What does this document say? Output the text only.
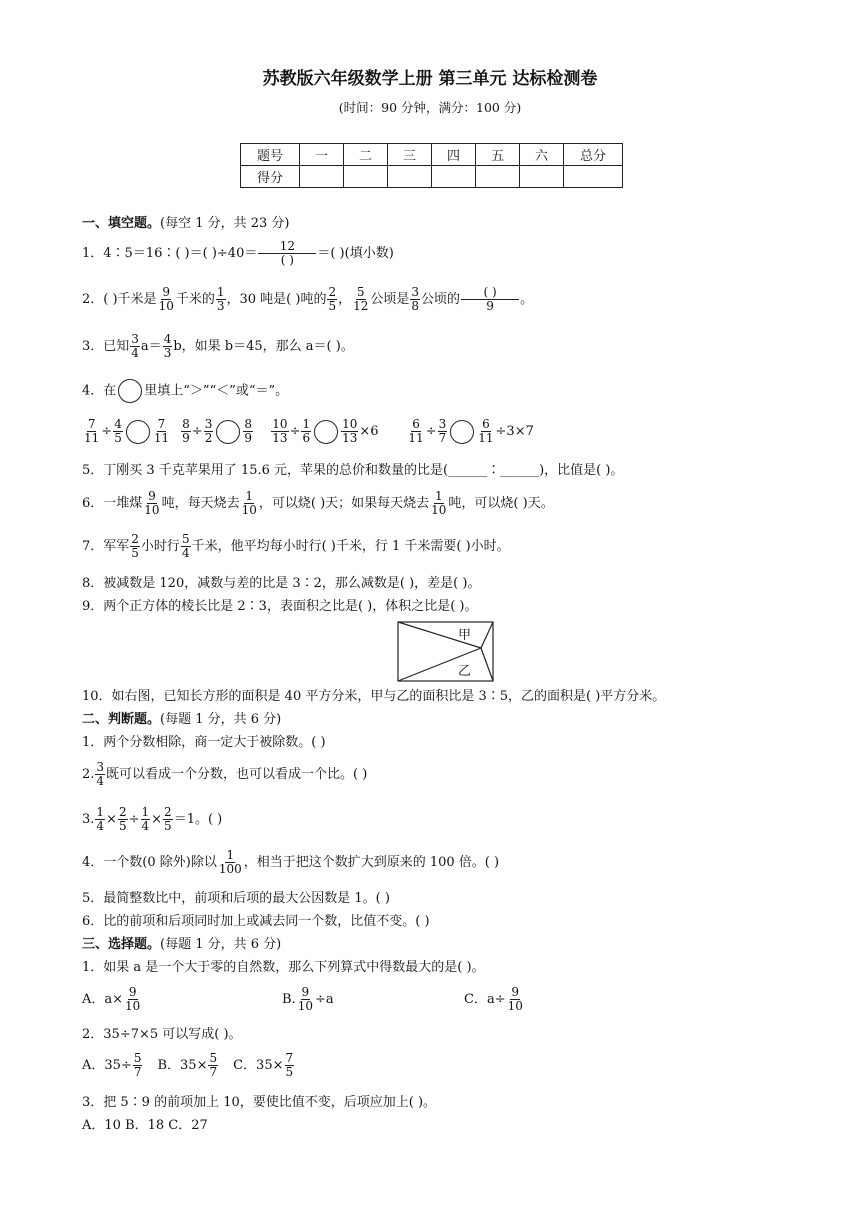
苏教版六年级数学上册 第三单元 达标检测卷
(时间：90 分钟，满分：100 分)
题号	一	二	三	四	五	六	总分
得分							
一、填空题。(每空 1 分，共 23 分)
1．4∶5＝16∶( )＝( )$\div 40= \frac{12}{( )}$ ＝( )(填小数)
2．( )千米是 $\frac{9}{10}$ 千米的 $\frac{1}{3}$ ，30 吨是( )吨的 $\frac{2}{5}$ ， $\frac{5}{12}$ 公顷是 $\frac{3}{8}$ 公顷的 $\frac{( )}{9}$ 。
3．已知 $\frac{3}{4} a= \frac{4}{3}$ b，如果 b＝45，那么 a＝( )。
4．在 里填上“＞”“＜”或“＝”。
$\frac{7}{11} \div \frac{4}{5}$	$\frac{7}{11}$
$\frac{8}{9} \div \frac{3}{2}$	$\frac{8}{9}$
$\frac{10}{13} \div \frac{1}{6}$	$\frac{10}{13} \times 6 \frac{6}{11} \div \frac{3}{7}$	$\frac{6}{11} \div 3\times 7$
5．丁刚买 3 千克苹果用了 15.6 元，苹果的总价和数量的比是(______∶______)，比值是( )。
6．一堆煤 $\frac{9}{10}$ 吨，每天烧去 $\frac{1}{10}$ ，可以烧( )天；如果每天烧去 $\frac{1}{10}$ 吨，可以烧( )天。
7．军军 $\frac{2}{5}$ 小时行 $\frac{5}{4}$ 千米，他平均每小时行( )千米，行 1 千米需要( )小时。
8．被减数是 120，减数与差的比是 3∶2，那么减数是( )，差是( )。
9．两个正方体的棱长比是 2∶3，表面积之比是( )，体积之比是( )。
甲
乙
10．如右图，已知长方形的面积是 40 平方分米，甲与乙的面积比是 3∶5，乙的面积是( )平方分米。
二、判断题。(每题 1 分，共 6 分)
1．两个分数相除，商一定大于被除数。( )
2. $\frac{3}{4}$ 既可以看成一个分数，也可以看成一个比。( )
3. $\frac{1}{4} \times \frac{2}{5} \div \frac{1}{4} \times \frac{2}{5} =1$。( )
4．一个数(0 除外)除以 $\frac{1}{100}$ ，相当于把这个数扩大到原来的 100 倍。( )
5．最简整数比中，前项和后项的最大公因数是 1。( )
6．比的前项和后项同时加上或减去同一个数，比值不变。( )
三、选择题。(每题 1 分，共 6 分)
1．如果 a 是一个大于零的自然数，那么下列算式中得数最大的是( )。
A．$a\times \frac{9}{10}$	B. $\frac{9}{10} \div a$	C．$a\div \frac{9}{10}$
2．35÷7×5 可以写成( )。
A．$35\div \frac{5}{7}$ B．$35\times \frac{5}{7}$ C．$35\times \frac{7}{5}$
3．把 5∶9 的前项加上 10，要使比值不变，后项应加上( )。
A．10 B．18 C．27
